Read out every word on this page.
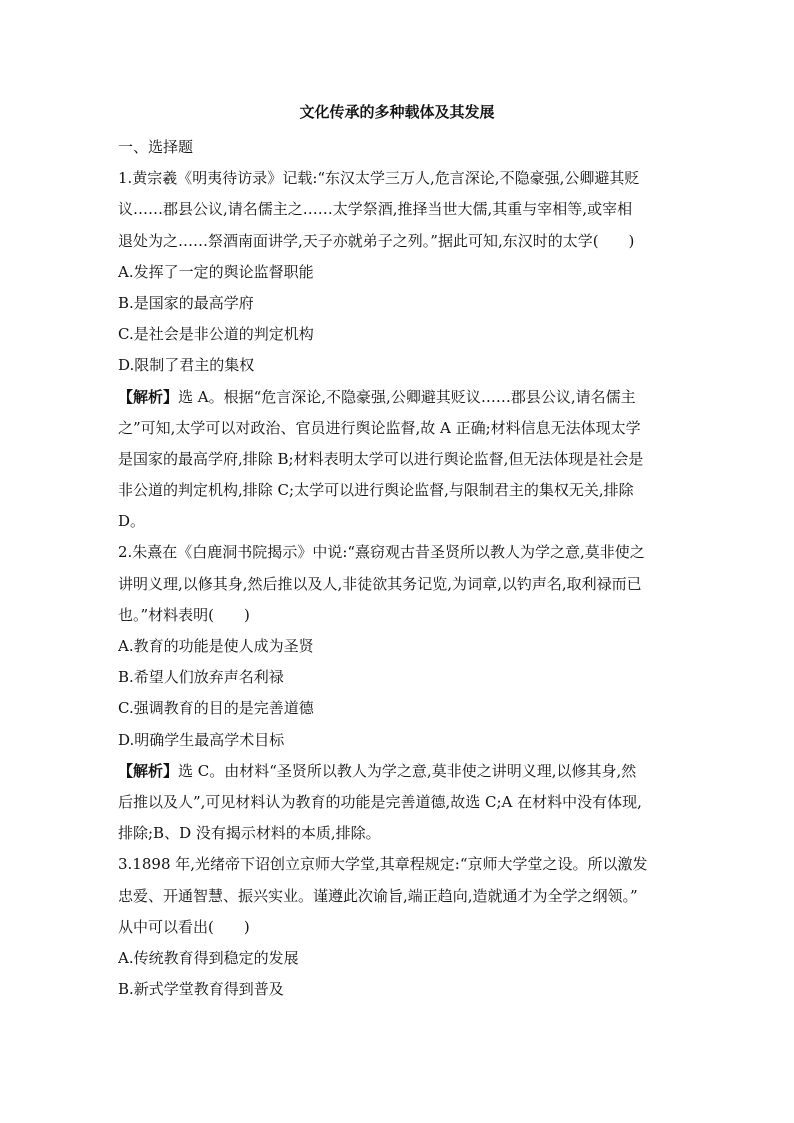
文化传承的多种载体及其发展
一、选择题
1.黄宗羲《明夷待访录》记载:“东汉太学三万人,危言深论,不隐豪强,公卿避其贬
议……郡县公议,请名儒主之……太学祭酒,推择当世大儒,其重与宰相等,或宰相
退处为之……祭酒南面讲学,天子亦就弟子之列。”据此可知,东汉时的太学(　　)
A.发挥了一定的舆论监督职能
B.是国家的最高学府
C.是社会是非公道的判定机构
D.限制了君主的集权
【解析】选 A。根据“危言深论,不隐豪强,公卿避其贬议……郡县公议,请名儒主
之”可知,太学可以对政治、官员进行舆论监督,故 A 正确;材料信息无法体现太学
是国家的最高学府,排除 B;材料表明太学可以进行舆论监督,但无法体现是社会是
非公道的判定机构,排除 C;太学可以进行舆论监督,与限制君主的集权无关,排除
D。
2.朱熹在《白鹿洞书院揭示》中说:“熹窃观古昔圣贤所以教人为学之意,莫非使之
讲明义理,以修其身,然后推以及人,非徒欲其务记览,为词章,以钓声名,取利禄而已
也。”材料表明(　　)
A.教育的功能是使人成为圣贤
B.希望人们放弃声名利禄
C.强调教育的目的是完善道德
D.明确学生最高学术目标
【解析】选 C。由材料“圣贤所以教人为学之意,莫非使之讲明义理,以修其身,然
后推以及人”,可见材料认为教育的功能是完善道德,故选 C;A 在材料中没有体现,
排除;B、D 没有揭示材料的本质,排除。
3.1898 年,光绪帝下诏创立京师大学堂,其章程规定:“京师大学堂之设。所以激发
忠爱、开通智慧、振兴实业。谨遵此次谕旨,端正趋向,造就通才为全学之纲领。”
从中可以看出(　　)
A.传统教育得到稳定的发展
B.新式学堂教育得到普及
